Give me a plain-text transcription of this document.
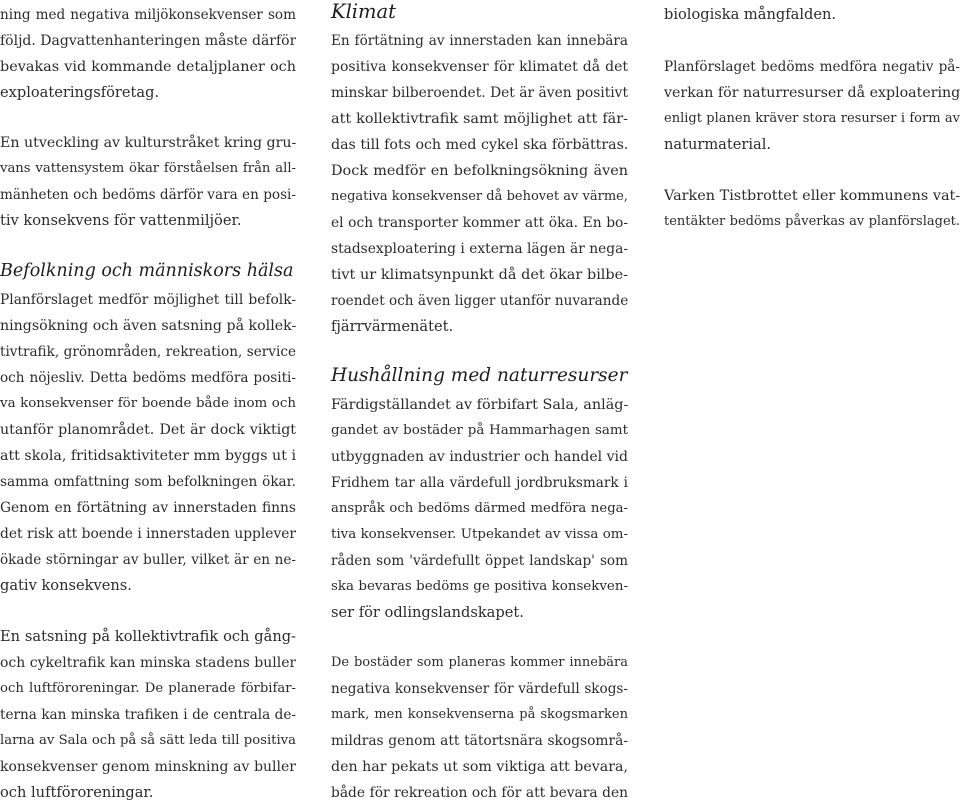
ning med negativa miljökonsekvenser som
följd. Dagvattenhanteringen måste därför
bevakas vid kommande detaljplaner och
exploateringsföretag.
En utveckling av kulturstråket kring gru-
vans vattensystem ökar förståelsen från all-
mänheten och bedöms därför vara en posi-
tiv konsekvens för vattenmiljöer.
Befolkning och människors hälsa
Planförslaget medför möjlighet till befolk-
ningsökning och även satsning på kollek-
tivtrafik, grönområden, rekreation, service
och nöjesliv. Detta bedöms medföra positi-
va konsekvenser för boende både inom och
utanför planområdet. Det är dock viktigt
att skola, fritidsaktiviteter mm byggs ut i
samma omfattning som befolkningen ökar.
Genom en förtätning av innerstaden finns
det risk att boende i innerstaden upplever
ökade störningar av buller, vilket är en ne-
gativ konsekvens.
En satsning på kollektivtrafik och gång-
och cykeltrafik kan minska stadens buller
och luftföroreningar. De planerade förbifar-
terna kan minska trafiken i de centrala de-
larna av Sala och på så sätt leda till positiva
konsekvenser genom minskning av buller
och luftföroreningar.
Klimat
En förtätning av innerstaden kan innebära
positiva konsekvenser för klimatet då det
minskar bilberoendet. Det är även positivt
att kollektivtrafik samt möjlighet att fär-
das till fots och med cykel ska förbättras.
Dock medför en befolkningsökning även
negativa konsekvenser då behovet av värme,
el och transporter kommer att öka. En bo-
stadsexploatering i externa lägen är nega-
tivt ur klimatsynpunkt då det ökar bilbe-
roendet och även ligger utanför nuvarande
fjärrvärmenätet.
Hushållning med naturresurser
Färdigställandet av förbifart Sala, anläg-
gandet av bostäder på Hammarhagen samt
utbyggnaden av industrier och handel vid
Fridhem tar alla värdefull jordbruksmark i
anspråk och bedöms därmed medföra nega-
tiva konsekvenser. Utpekandet av vissa om-
råden som 'värdefullt öppet landskap' som
ska bevaras bedöms ge positiva konsekven-
ser för odlingslandskapet.
De bostäder som planeras kommer innebära
negativa konsekvenser för värdefull skogs-
mark, men konsekvenserna på skogsmarken
mildras genom att tätortsnära skogsområ-
den har pekats ut som viktiga att bevara,
både för rekreation och för att bevara den
biologiska mångfalden.
Planförslaget bedöms medföra negativ på-
verkan för naturresurser då exploatering
enligt planen kräver stora resurser i form av
naturmaterial.
Varken Tistbrottet eller kommunens vat-
tentäkter bedöms påverkas av planförslaget.
